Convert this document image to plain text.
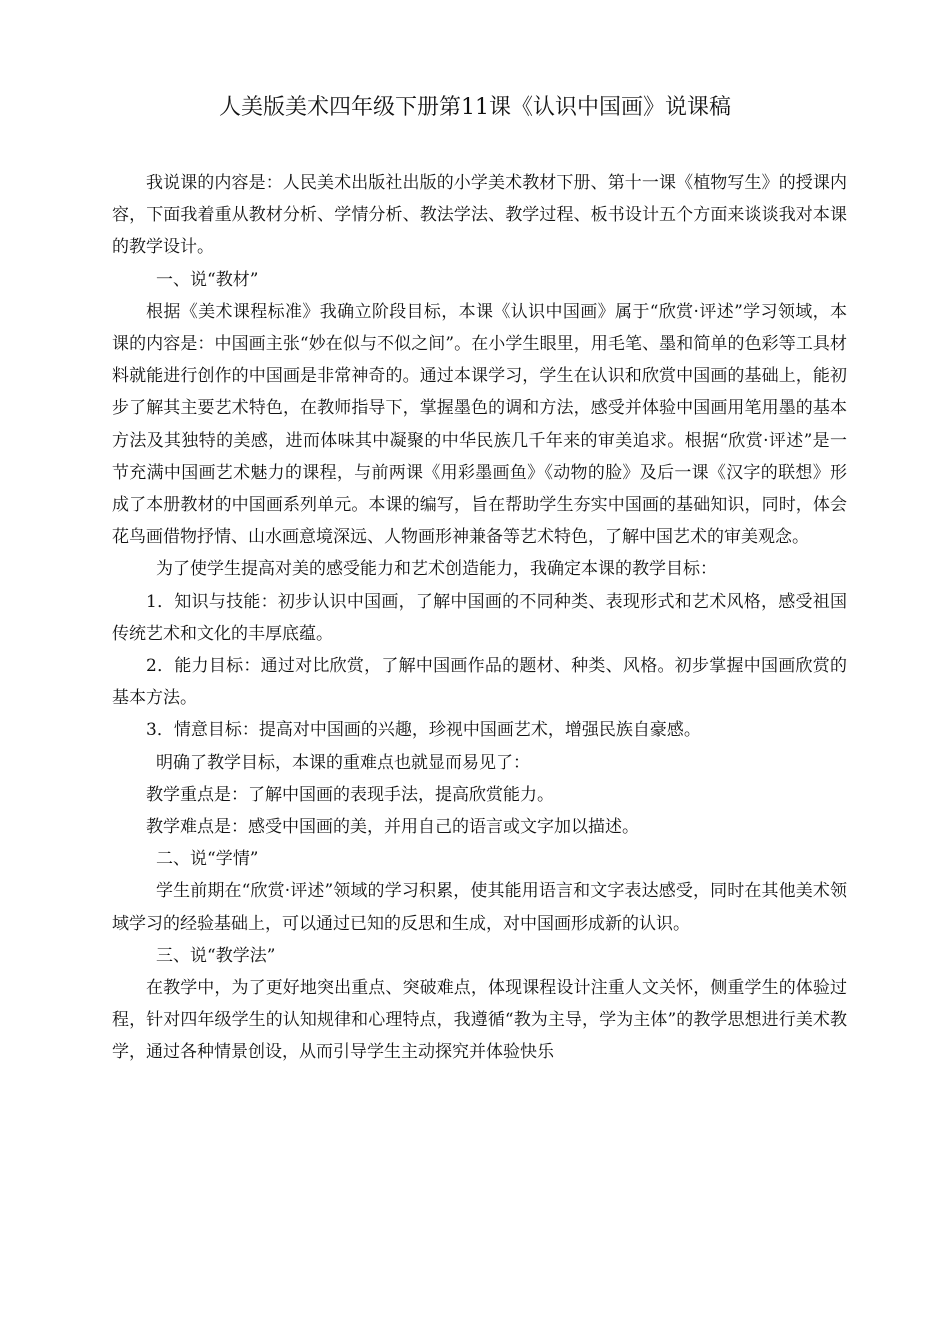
人美版美术四年级下册第11课《认识中国画》说课稿

我说课的内容是：人民美术出版社出版的小学美术教材下册、第十一课《植物写生》的授课内容，下面我着重从教材分析、学情分析、教法学法、教学过程、板书设计五个方面来谈谈我对本课的教学设计。

一、说“教材”

根据《美术课程标准》我确立阶段目标，本课《认识中国画》属于“欣赏·评述”学习领域，本课的内容是：中国画主张“妙在似与不似之间”。在小学生眼里，用毛笔、墨和简单的色彩等工具材料就能进行创作的中国画是非常神奇的。通过本课学习，学生在认识和欣赏中国画的基础上，能初步了解其主要艺术特色，在教师指导下，掌握墨色的调和方法，感受并体验中国画用笔用墨的基本方法及其独特的美感，进而体味其中凝聚的中华民族几千年来的审美追求。根据“欣赏·评述”是一节充满中国画艺术魅力的课程，与前两课《用彩墨画鱼》《动物的脸》及后一课《汉字的联想》形成了本册教材的中国画系列单元。本课的编写，旨在帮助学生夯实中国画的基础知识，同时，体会花鸟画借物抒情、山水画意境深远、人物画形神兼备等艺术特色，了解中国艺术的审美观念。

为了使学生提高对美的感受能力和艺术创造能力，我确定本课的教学目标：

1．知识与技能：初步认识中国画，了解中国画的不同种类、表现形式和艺术风格，感受祖国传统艺术和文化的丰厚底蕴。

2．能力目标：通过对比欣赏，了解中国画作品的题材、种类、风格。初步掌握中国画欣赏的基本方法。

3．情意目标：提高对中国画的兴趣，珍视中国画艺术，增强民族自豪感。

明确了教学目标，本课的重难点也就显而易见了：

教学重点是：了解中国画的表现手法，提高欣赏能力。

教学难点是：感受中国画的美，并用自己的语言或文字加以描述。

二、说“学情”

学生前期在“欣赏·评述”领域的学习积累，使其能用语言和文字表达感受，同时在其他美术领域学习的经验基础上，可以通过已知的反思和生成，对中国画形成新的认识。

三、说“教学法”

在教学中，为了更好地突出重点、突破难点，体现课程设计注重人文关怀，侧重学生的体验过程，针对四年级学生的认知规律和心理特点，我遵循“教为主导，学为主体”的教学思想进行美术教学，通过各种情景创设，从而引导学生主动探究并体验快乐
